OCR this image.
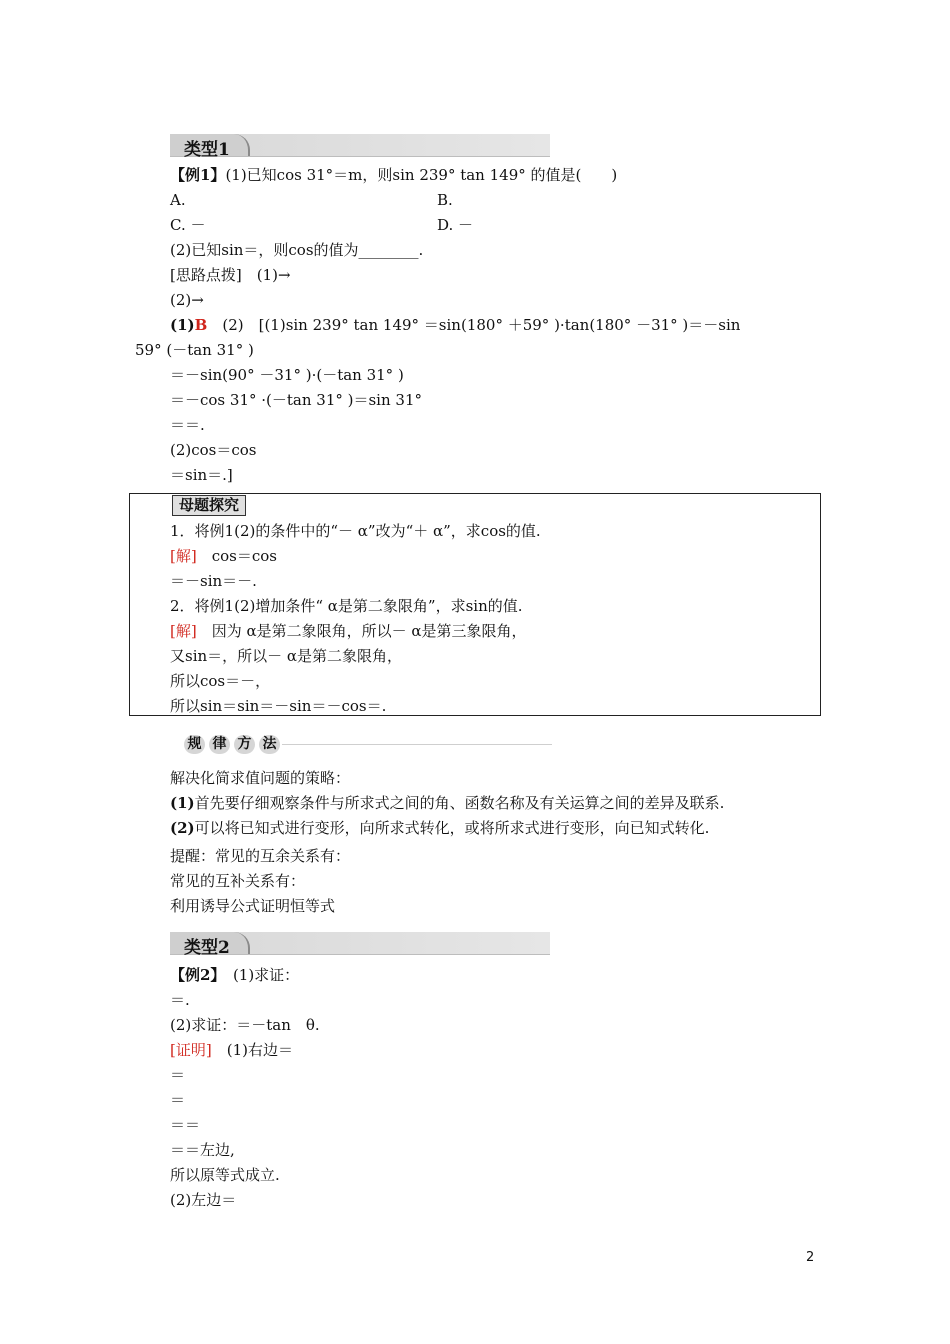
类型1
【例1】(1)已知cos 31°＝m，则sin 239° tan 149° 的值是(　　)
A.	B.
C. －	D. －
(2)已知sin＝，则cos的值为________.
[思路点拨]　(1)→
(2)→
(1)B　 (2)　[(1)sin 239° tan 149° ＝sin(180° ＋59° )·tan(180° －31° )＝－sin
59° (－tan 31° )
＝－sin(90° －31° )·(－tan 31° )
＝－cos 31° ·(－tan 31° )＝sin 31°
＝＝.
(2)cos＝cos
＝sin＝.]
母题探究
1．将例1(2)的条件中的“－ α”改为“＋ α”，求cos的值.
[解]　cos＝cos
＝－sin＝－.
2．将例1(2)增加条件“ α是第二象限角”，求sin的值.
[解]　因为 α是第二象限角，所以－ α是第三象限角，
又sin＝，所以－ α是第二象限角，
所以cos＝－，
所以sin＝sin＝－sin＝－cos＝.
规 律 方 法
解决化简求值问题的策略：
(1)首先要仔细观察条件与所求式之间的角、函数名称及有关运算之间的差异及联系.
(2)可以将已知式进行变形，向所求式转化，或将所求式进行变形，向已知式转化.
提醒：常见的互余关系有：
常见的互补关系有：
利用诱导公式证明恒等式
类型2
【例2】　(1)求证：
＝.
(2)求证：＝－tan　θ.
[证明]　(1)右边＝
＝
＝
＝＝
＝＝左边,
所以原等式成立.
(2)左边＝
2
